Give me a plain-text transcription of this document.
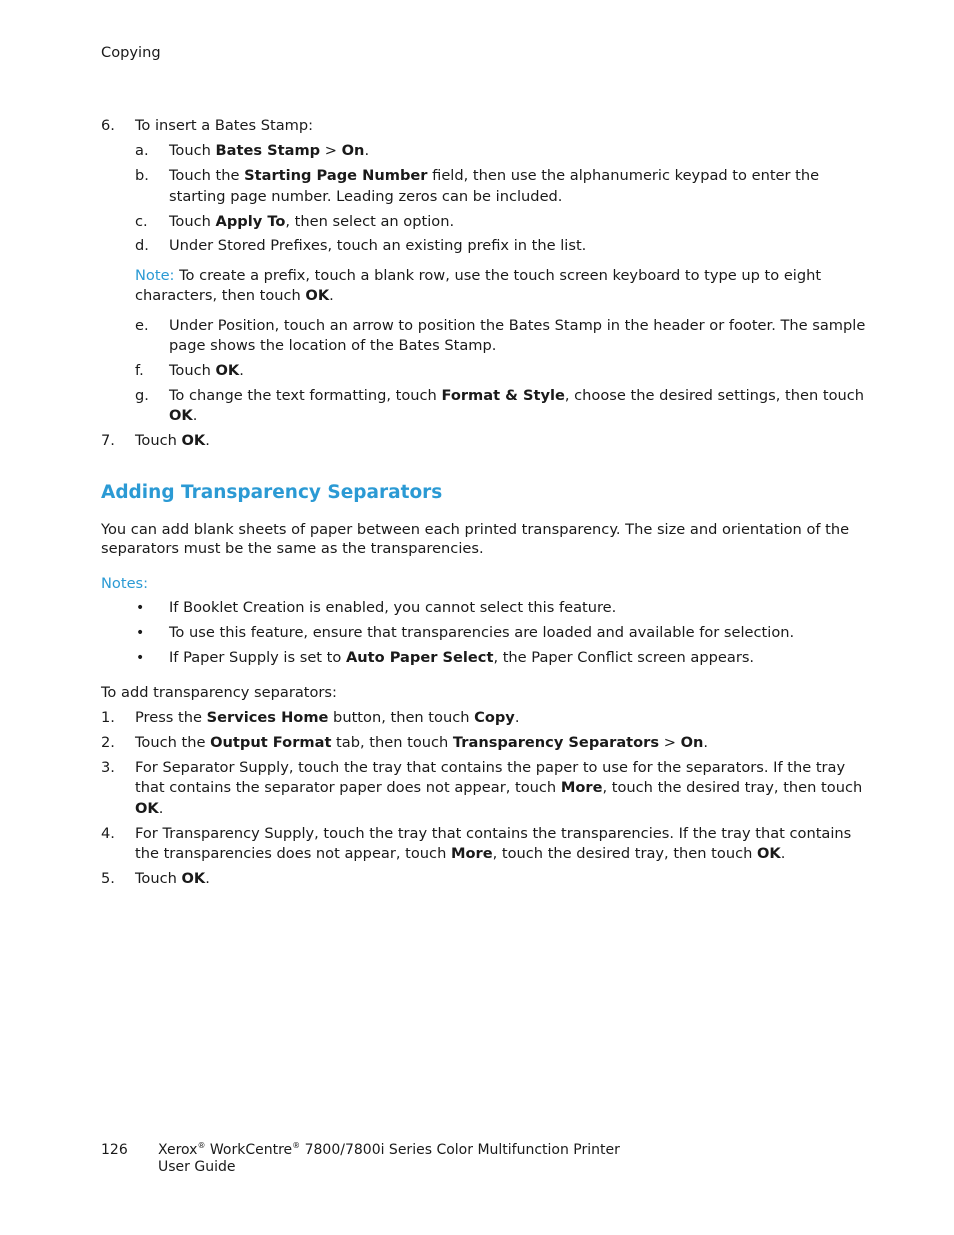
Copying
6. To insert a Bates Stamp:
a. Touch Bates Stamp > On.
b. Touch the Starting Page Number field, then use the alphanumeric keypad to enter the
starting page number. Leading zeros can be included.
c. Touch Apply To, then select an option.
d. Under Stored Prefixes, touch an existing prefix in the list.
Note: To create a prefix, touch a blank row, use the touch screen keyboard to type up to eight
characters, then touch OK.
e. Under Position, touch an arrow to position the Bates Stamp in the header or footer. The sample
page shows the location of the Bates Stamp.
f. Touch OK.
g. To change the text formatting, touch Format & Style, choose the desired settings, then touch
OK.
7. Touch OK.
Adding Transparency Separators
You can add blank sheets of paper between each printed transparency. The size and orientation of the
separators must be the same as the transparencies.
Notes:
• If Booklet Creation is enabled, you cannot select this feature.
• To use this feature, ensure that transparencies are loaded and available for selection.
• If Paper Supply is set to Auto Paper Select, the Paper Conflict screen appears.
To add transparency separators:
1. Press the Services Home button, then touch Copy.
2. Touch the Output Format tab, then touch Transparency Separators > On.
3. For Separator Supply, touch the tray that contains the paper to use for the separators. If the tray
that contains the separator paper does not appear, touch More, touch the desired tray, then touch
OK.
4. For Transparency Supply, touch the tray that contains the transparencies. If the tray that contains
the transparencies does not appear, touch More, touch the desired tray, then touch OK.
5. Touch OK.
126 Xerox® WorkCentre® 7800/7800i Series Color Multifunction Printer
User Guide
